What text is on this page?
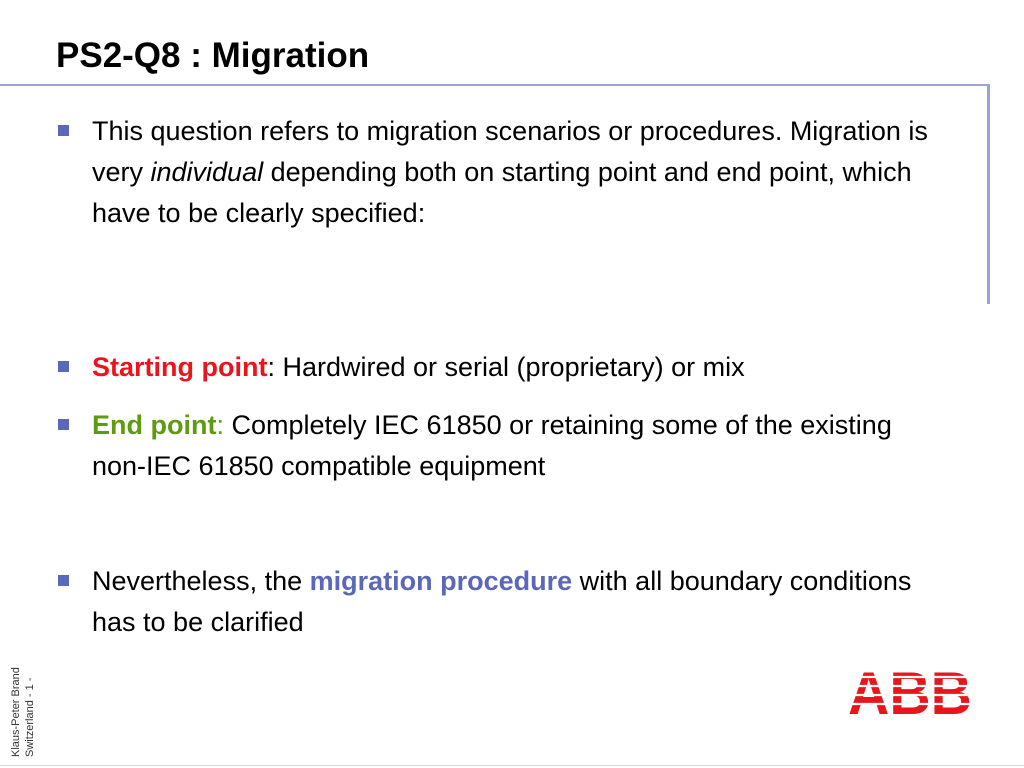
PS2-Q8 : Migration
This question refers to migration scenarios or procedures. Migration is very individual depending both on starting point and end point, which have to be clearly specified:
Starting point: Hardwired or serial (proprietary) or mix
End point: Completely IEC 61850 or retaining some of the existing non-IEC 61850 compatible equipment
Nevertheless, the migration procedure with all boundary conditions has to be clarified
Klaus-Peter Brand Switzerland - 1 -	ABB
